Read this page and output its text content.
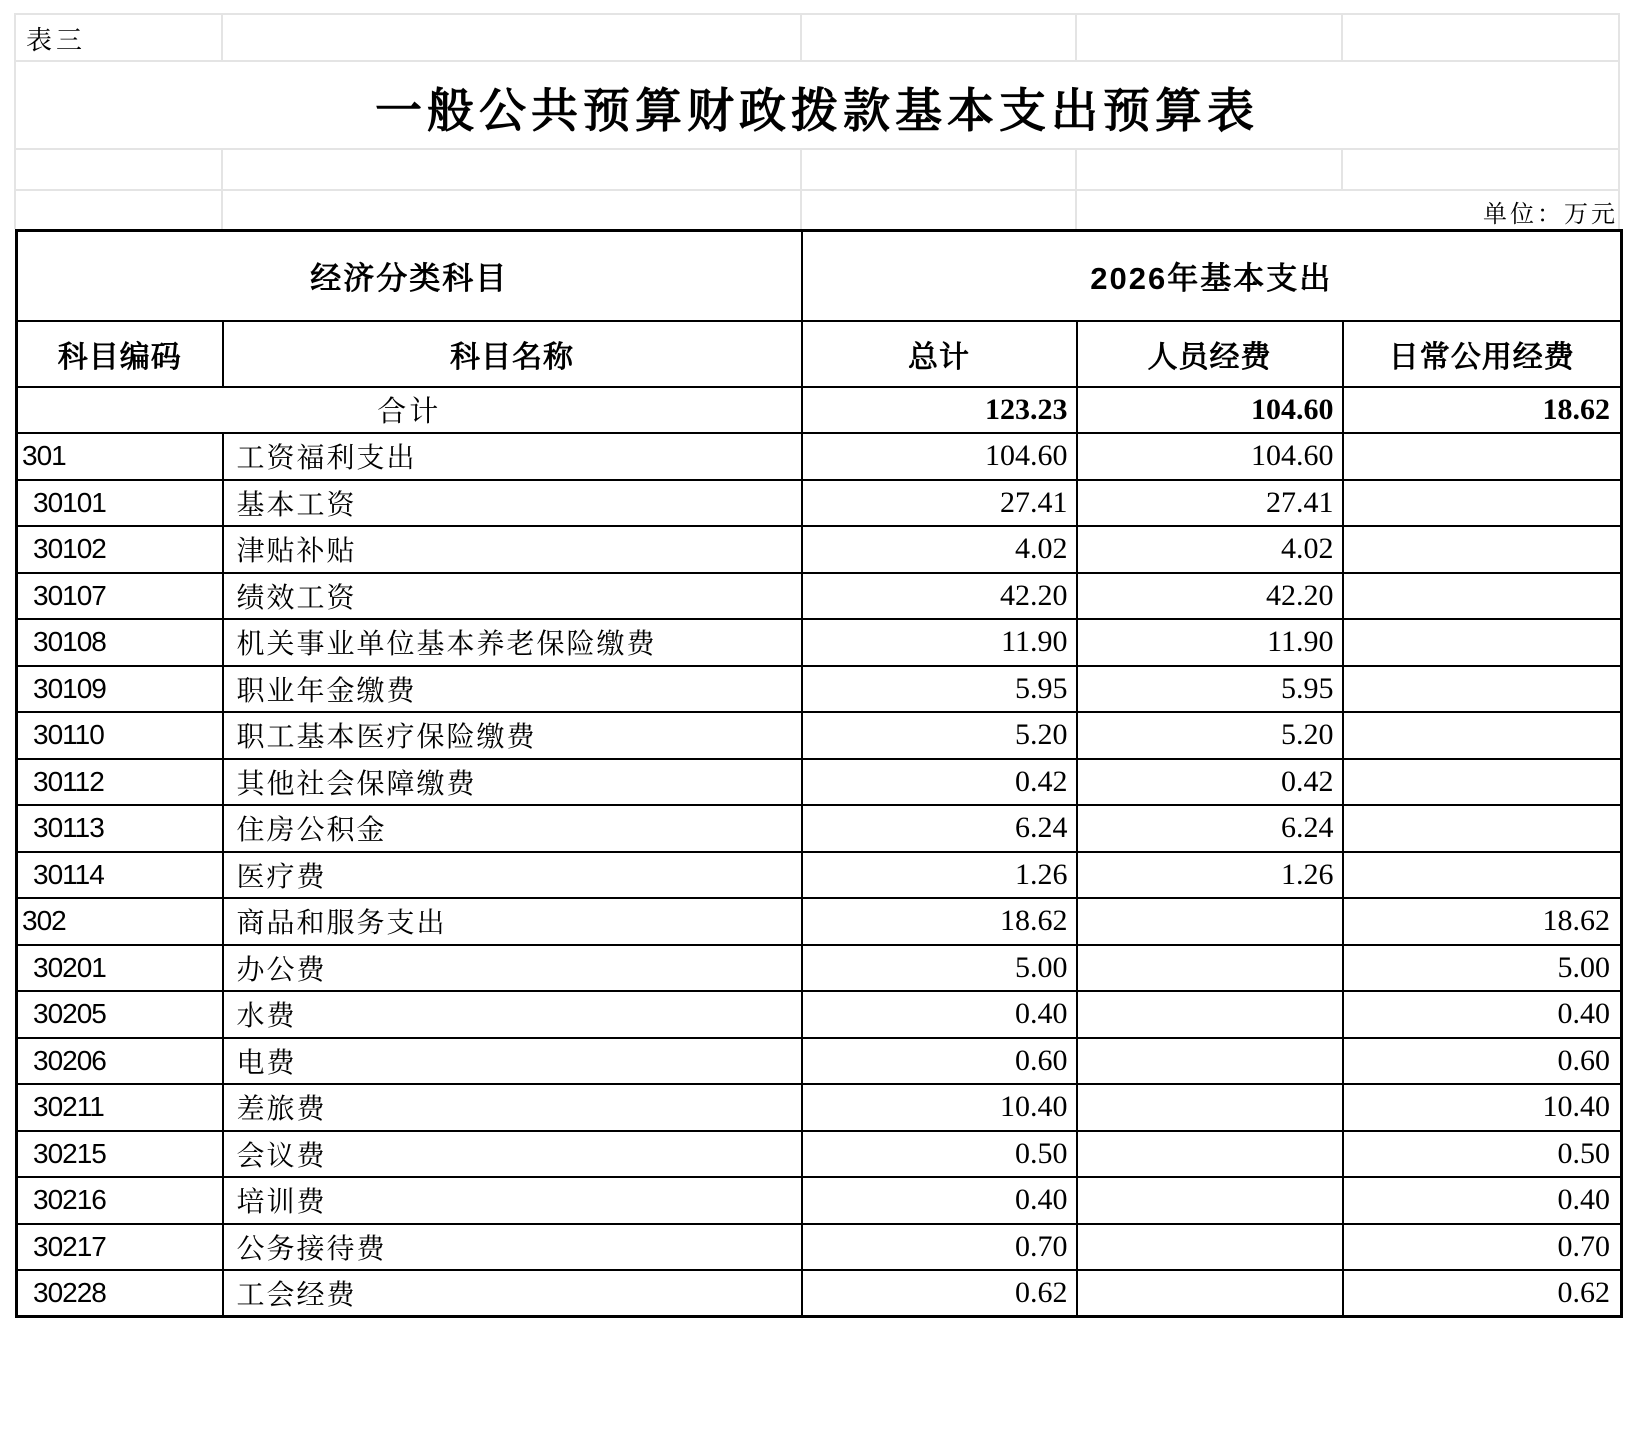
表三
一般公共预算财政拨款基本支出预算表
单位：万元
经济分类科目		2026年基本支出		
科目编码	科目名称	总计	人员经费	日常公用经费
合计		123.23	104.60	18.62
301	工资福利支出	104.60	104.60	
30101	基本工资	27.41	27.41	
30102	津贴补贴	4.02	4.02	
30107	绩效工资	42.20	42.20	
30108	机关事业单位基本养老保险缴费	11.90	11.90	
30109	职业年金缴费	5.95	5.95	
30110	职工基本医疗保险缴费	5.20	5.20	
30112	其他社会保障缴费	0.42	0.42	
30113	住房公积金	6.24	6.24	
30114	医疗费	1.26	1.26	
302	商品和服务支出	18.62		18.62
30201	办公费	5.00		5.00
30205	水费	0.40		0.40
30206	电费	0.60		0.60
30211	差旅费	10.40		10.40
30215	会议费	0.50		0.50
30216	培训费	0.40		0.40
30217	公务接待费	0.70		0.70
30228	工会经费	0.62		0.62
